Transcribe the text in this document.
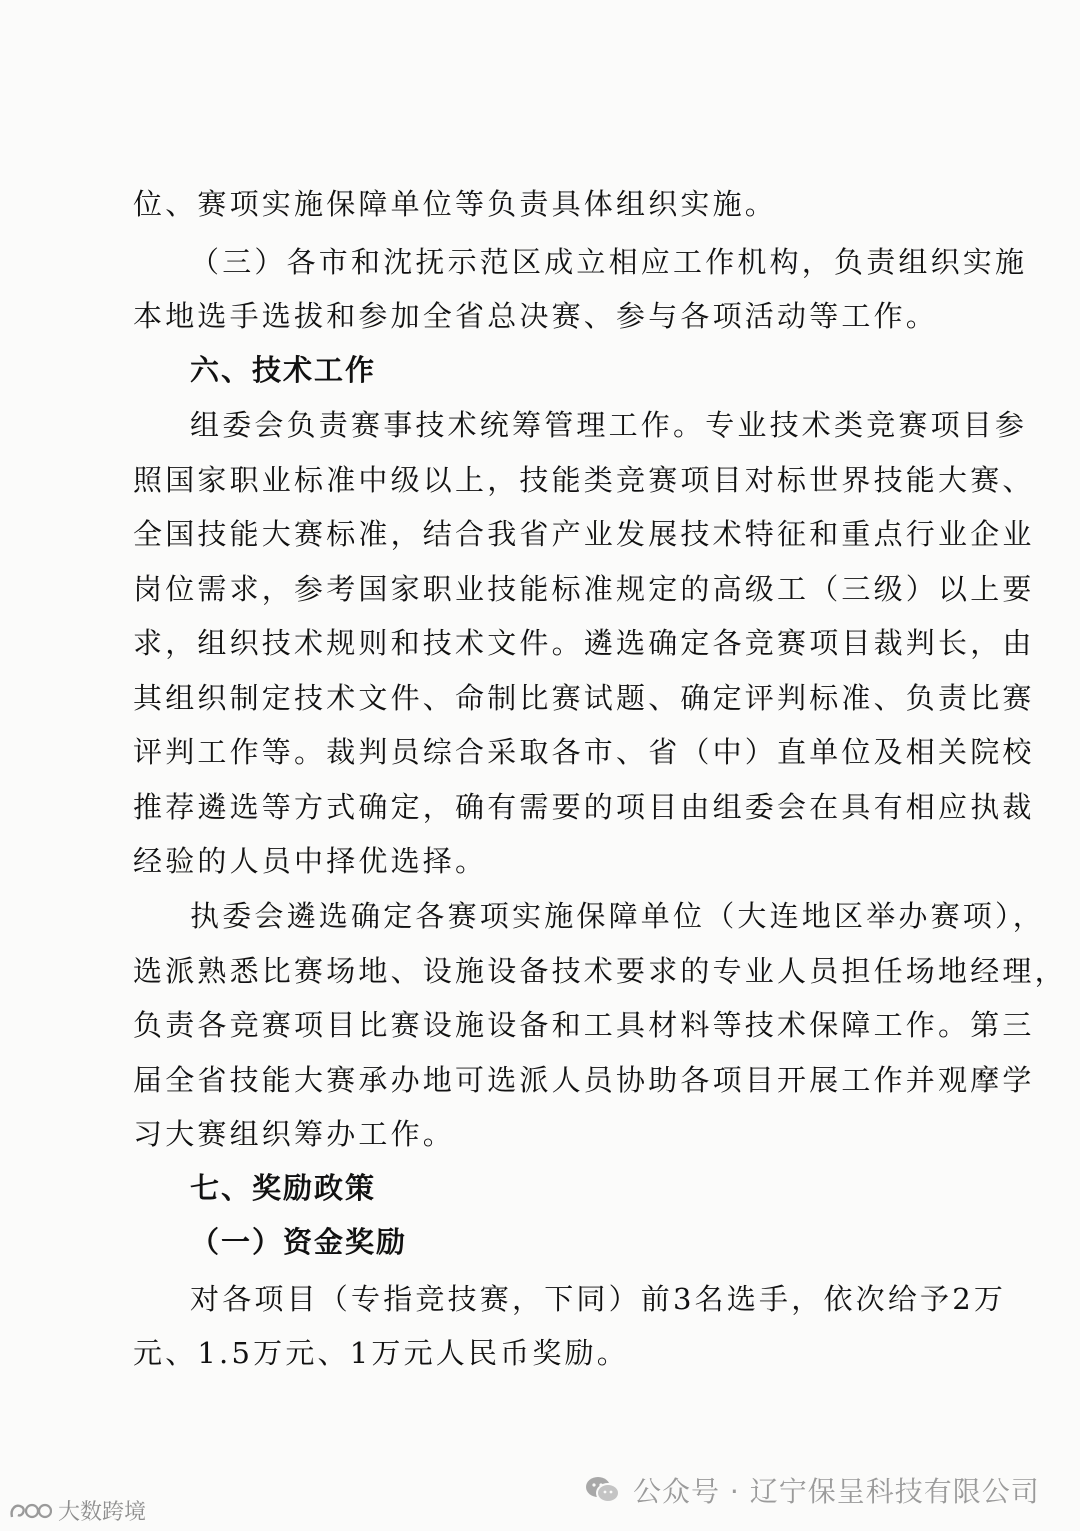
位、赛项实施保障单位等负责具体组织实施。
（三）各市和沈抚示范区成立相应工作机构，负责组织实施
本地选手选拔和参加全省总决赛、参与各项活动等工作。
六、技术工作
组委会负责赛事技术统筹管理工作。专业技术类竞赛项目参
照国家职业标准中级以上，技能类竞赛项目对标世界技能大赛、
全国技能大赛标准，结合我省产业发展技术特征和重点行业企业
岗位需求，参考国家职业技能标准规定的高级工（三级）以上要
求，组织技术规则和技术文件。遴选确定各竞赛项目裁判长，由
其组织制定技术文件、命制比赛试题、确定评判标准、负责比赛
评判工作等。裁判员综合采取各市、省（中）直单位及相关院校
推荐遴选等方式确定，确有需要的项目由组委会在具有相应执裁
经验的人员中择优选择。
执委会遴选确定各赛项实施保障单位（大连地区举办赛项），
选派熟悉比赛场地、设施设备技术要求的专业人员担任场地经理，
负责各竞赛项目比赛设施设备和工具材料等技术保障工作。第三
届全省技能大赛承办地可选派人员协助各项目开展工作并观摩学
习大赛组织筹办工作。
七、奖励政策
（一）资金奖励
对各项目（专指竞技赛，下同）前3名选手，依次给予2万
元、1.5万元、1万元人民币奖励。
公众号 · 辽宁保呈科技有限公司
大数跨境
